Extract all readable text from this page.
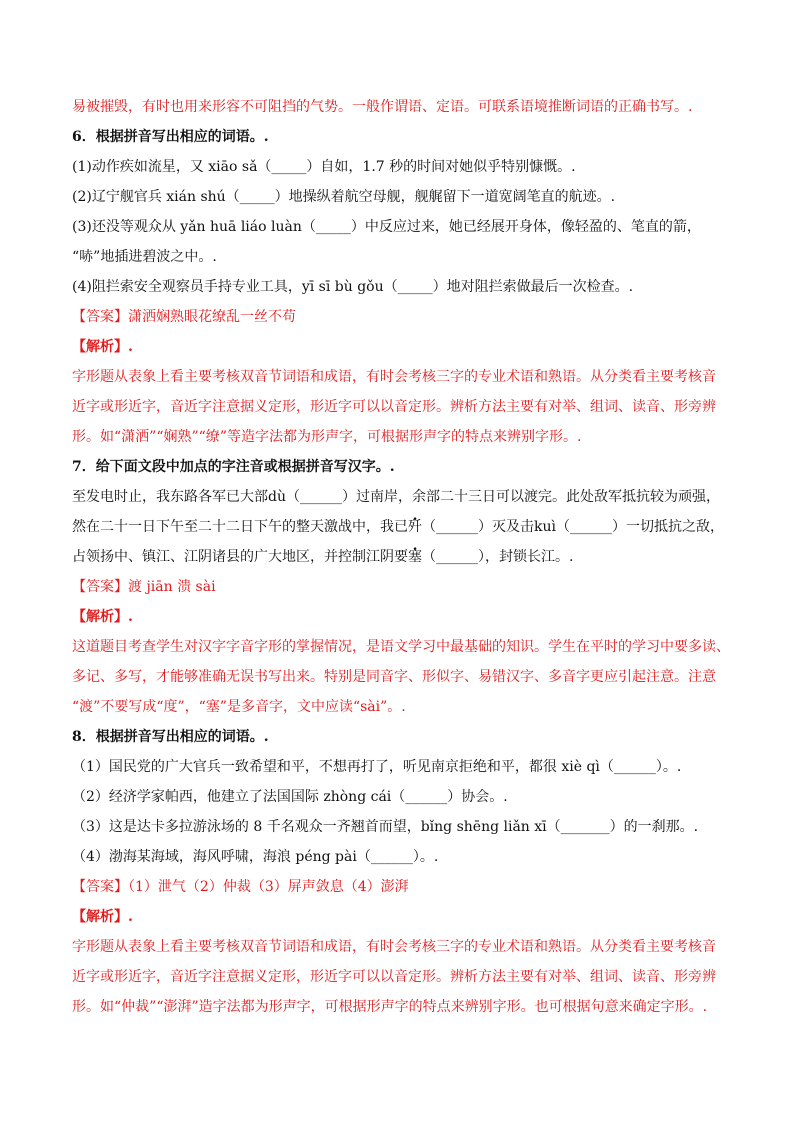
易被摧毁，有时也用来形容不可阻挡的气势。一般作谓语、定语。可联系语境推断词语的正确书写。.
6．根据拼音写出相应的词语。.
(1)动作疾如流星，又 xiāo sǎ（_____）自如，1.7 秒的时间对她似乎特别慷慨。.
(2)辽宁舰官兵 xián shú（_____）地操纵着航空母舰，舰艉留下一道宽阔笔直的航迹。.
(3)还没等观众从 yǎn huā liáo luàn（_____）中反应过来，她已经展开身体，像轻盈的、笔直的箭，
“哧”地插进碧波之中。.
(4)阻拦索安全观察员手持专业工具，yī sī bù gǒu（_____）地对阻拦索做最后一次检查。.
【答案】潇洒娴熟眼花缭乱一丝不苟
【解析】.
字形题从表象上看主要考核双音节词语和成语，有时会考核三字的专业术语和熟语。从分类看主要考核音
近字或形近字，音近字注意据义定形，形近字可以以音定形。辨析方法主要有对举、组词、读音、形旁辨
形。如“潇洒”“娴熟”“缭”等造字法都为形声字，可根据形声字的特点来辨别字形。.
7．给下面文段中加点的字注音或根据拼音写汉字。.
至发电时止，我东路各军已大部dù（______）过南岸，余部二十三日可以渡完。此处敌军抵抗较为顽强，
然在二十一日下午至二十二日下午的整天激战中，我已歼（______）灭及击kuì（______）一切抵抗之敌，
占领扬中、镇江、江阴诸县的广大地区，并控制江阴要塞（______），封锁长江。.
【答案】渡 jiān 溃 sài
【解析】.
这道题目考查学生对汉字字音字形的掌握情况，是语文学习中最基础的知识。学生在平时的学习中要多读、
多记、多写，才能够准确无误书写出来。特别是同音字、形似字、易错汉字、多音字更应引起注意。注意
“渡”不要写成“度”，“塞”是多音字，文中应读“sài”。.
8．根据拼音写出相应的词语。.
（1）国民党的广大官兵一致希望和平，不想再打了，听见南京拒绝和平，都很 xiè qì（______）。.
（2）经济学家帕西，他建立了法国国际 zhòng cái（______）协会。.
（3）这是达卡多拉游泳场的 8 千名观众一齐翘首而望，bǐng shēng liǎn xī（_______）的一刹那。.
（4）渤海某海域，海风呼啸，海浪 péng pài（______）。.
【答案】（1）泄气（2）仲裁（3）屏声敛息（4）澎湃
【解析】.
字形题从表象上看主要考核双音节词语和成语，有时会考核三字的专业术语和熟语。从分类看主要考核音
近字或形近字，音近字注意据义定形，形近字可以以音定形。辨析方法主要有对举、组词、读音、形旁辨
形。如“仲裁”“澎湃”造字法都为形声字，可根据形声字的特点来辨别字形。也可根据句意来确定字形。.
